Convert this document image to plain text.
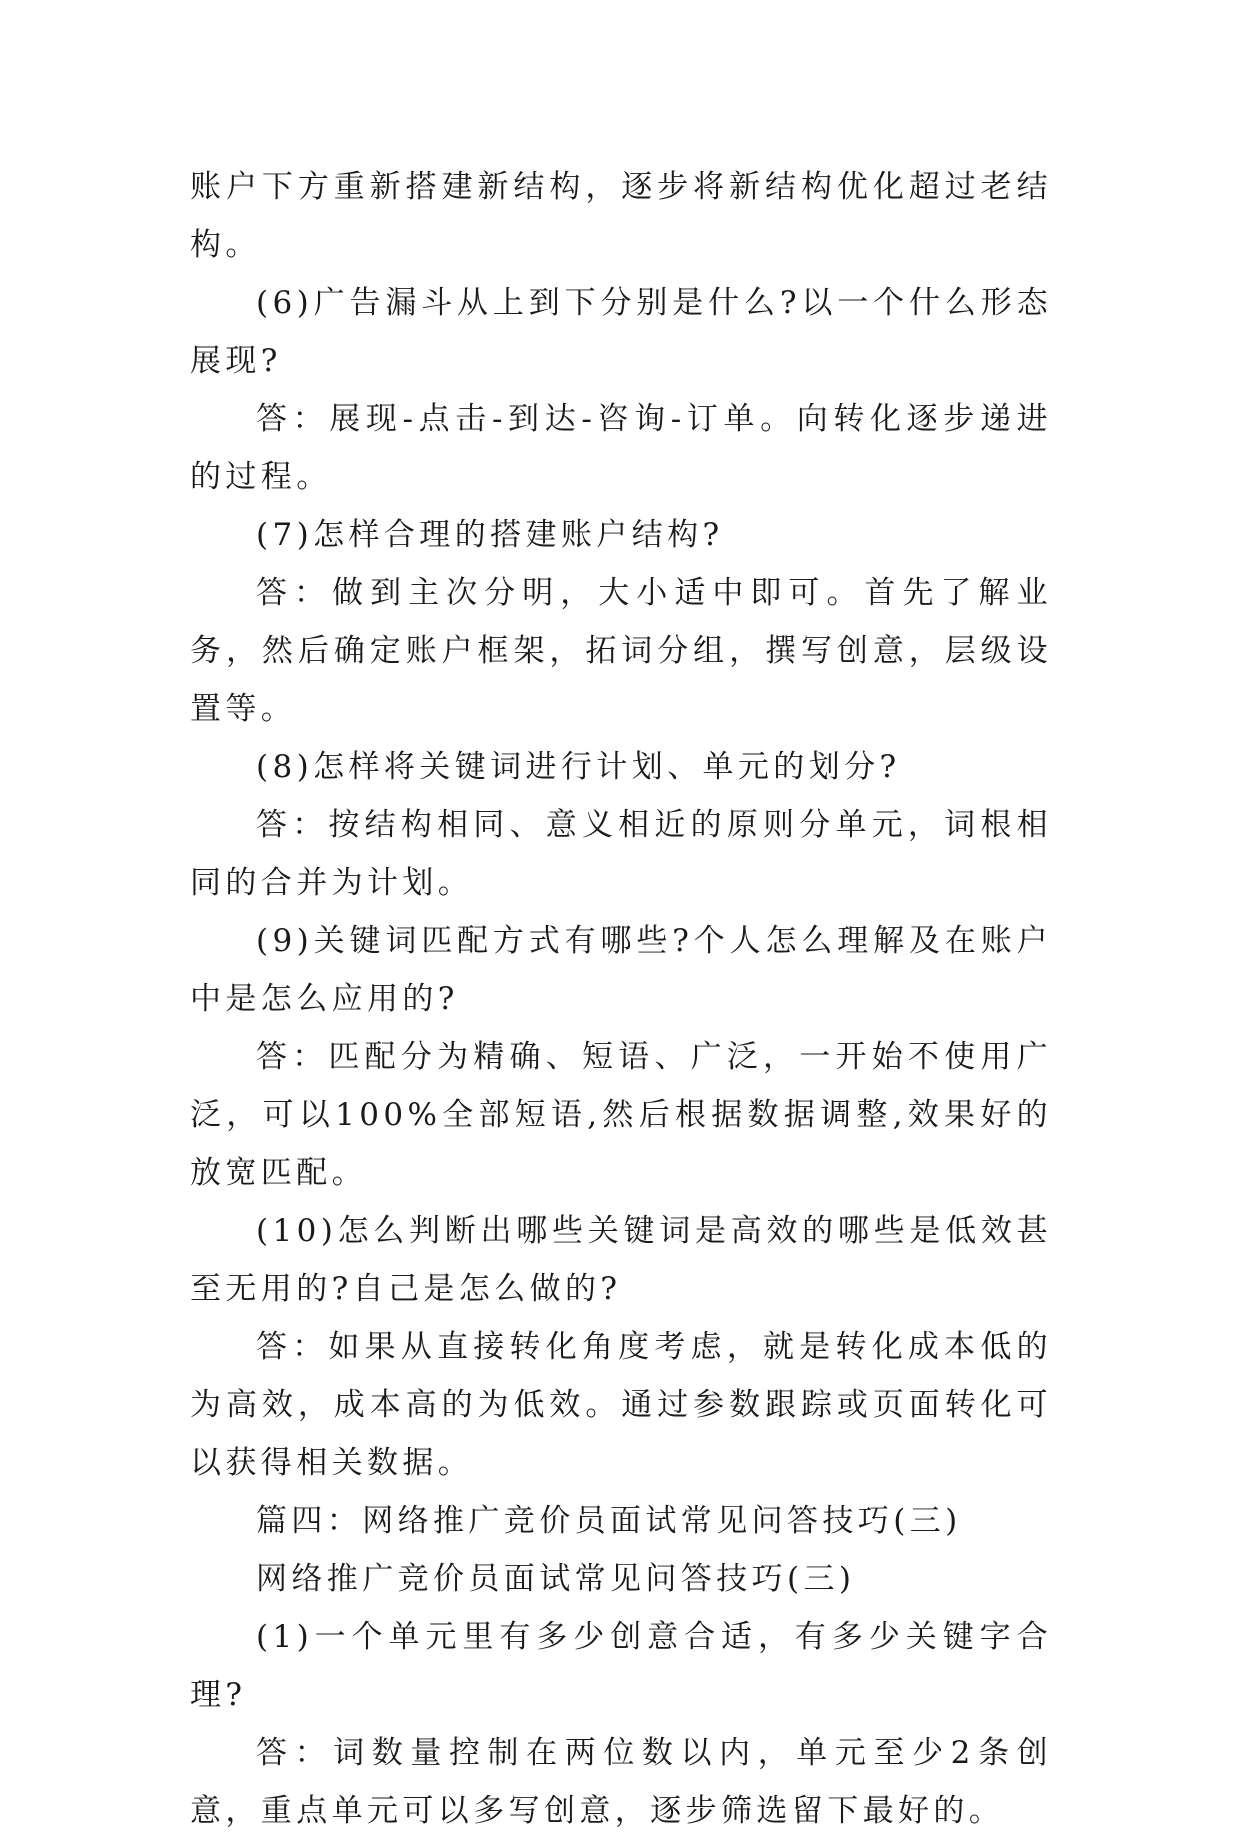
账户下方重新搭建新结构，逐步将新结构优化超过老结构。

(6)广告漏斗从上到下分别是什么?以一个什么形态展现?

答：展现-点击-到达-咨询-订单。向转化逐步递进的过程。

(7)怎样合理的搭建账户结构?

答：做到主次分明，大小适中即可。首先了解业务，然后确定账户框架，拓词分组，撰写创意，层级设置等。

(8)怎样将关键词进行计划、单元的划分?

答：按结构相同、意义相近的原则分单元，词根相同的合并为计划。

(9)关键词匹配方式有哪些?个人怎么理解及在账户中是怎么应用的?

答：匹配分为精确、短语、广泛，一开始不使用广泛，可以100%全部短语,然后根据数据调整,效果好的放宽匹配。

(10)怎么判断出哪些关键词是高效的哪些是低效甚至无用的?自己是怎么做的?

答：如果从直接转化角度考虑，就是转化成本低的为高效，成本高的为低效。通过参数跟踪或页面转化可以获得相关数据。

篇四：网络推广竞价员面试常见问答技巧(三)

网络推广竞价员面试常见问答技巧(三)

(1)一个单元里有多少创意合适，有多少关键字合理?

答：词数量控制在两位数以内，单元至少2条创意，重点单元可以多写创意，逐步筛选留下最好的。
